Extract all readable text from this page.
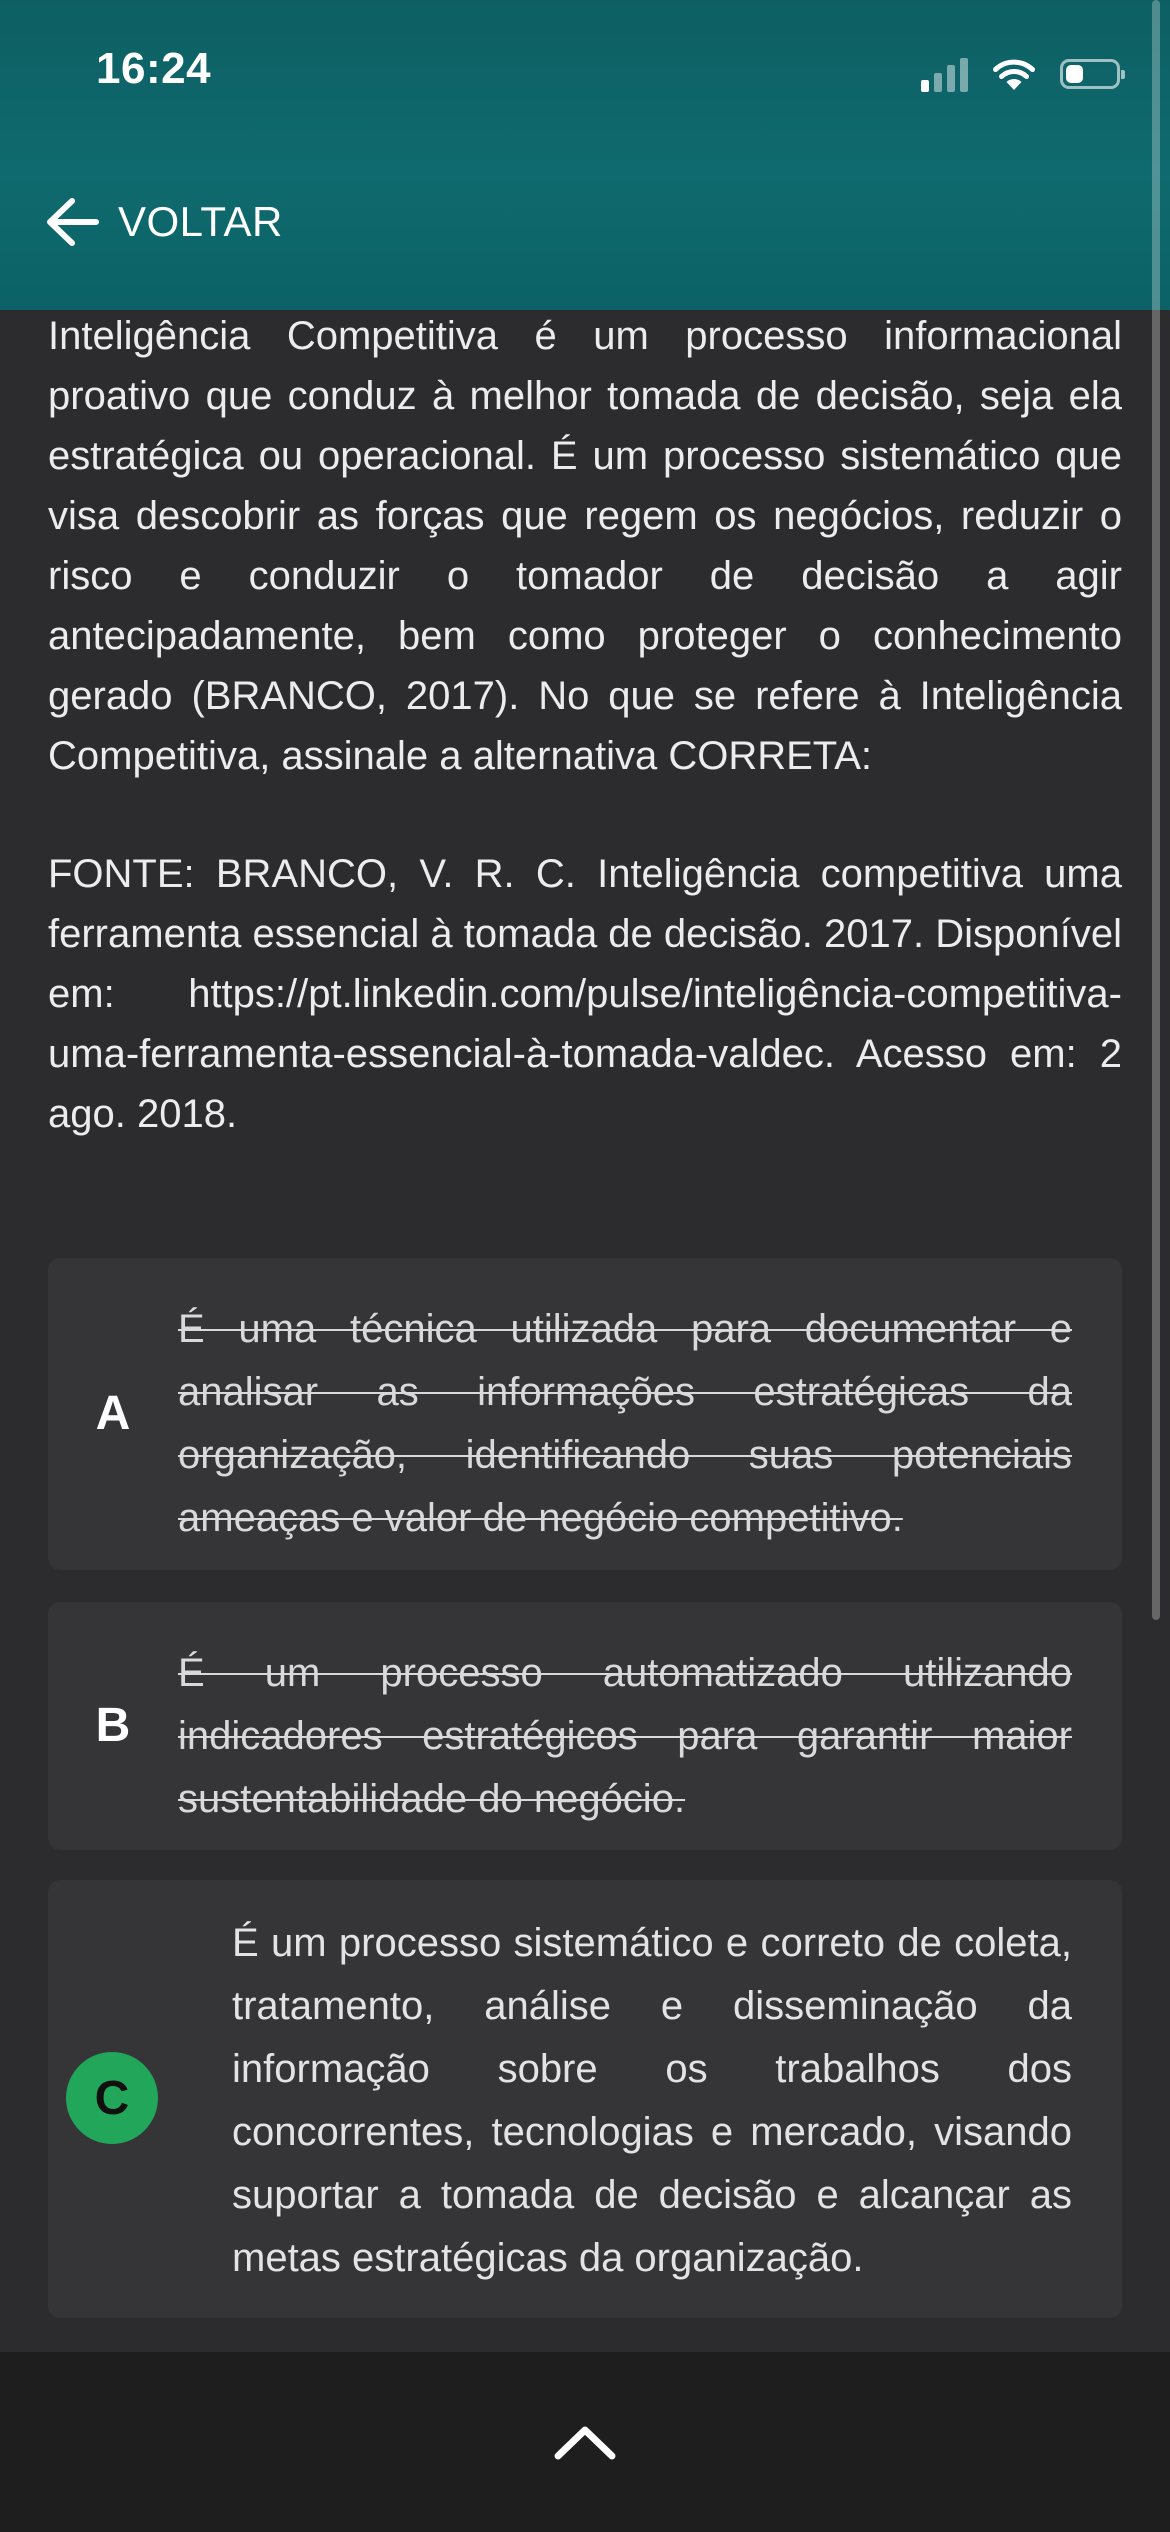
16:24
VOLTAR

Inteligência Competitiva é um processo informacional proativo que conduz à melhor tomada de decisão, seja ela estratégica ou operacional. É um processo sistemático que visa descobrir as forças que regem os negócios, reduzir o risco e conduzir o tomador de decisão a agir antecipadamente, bem como proteger o conhecimento gerado (BRANCO, 2017). No que se refere à Inteligência Competitiva, assinale a alternativa CORRETA:

FONTE: BRANCO, V. R. C. Inteligência competitiva uma ferramenta essencial à tomada de decisão. 2017. Disponível em: https://pt.linkedin.com/pulse/inteligência-competitiva-uma-ferramenta-essencial-à-tomada-valdec. Acesso em: 2 ago. 2018.

A
É uma técnica utilizada para documentar e analisar as informações estratégicas da organização, identificando suas potenciais ameaças e valor de negócio competitivo.
B
É um processo automatizado utilizando indicadores estratégicos para garantir maior sustentabilidade do negócio.
C
É um processo sistemático e correto de coleta, tratamento, análise e disseminação da informação sobre os trabalhos dos concorrentes, tecnologias e mercado, visando suportar a tomada de decisão e alcançar as metas estratégicas da organização.
